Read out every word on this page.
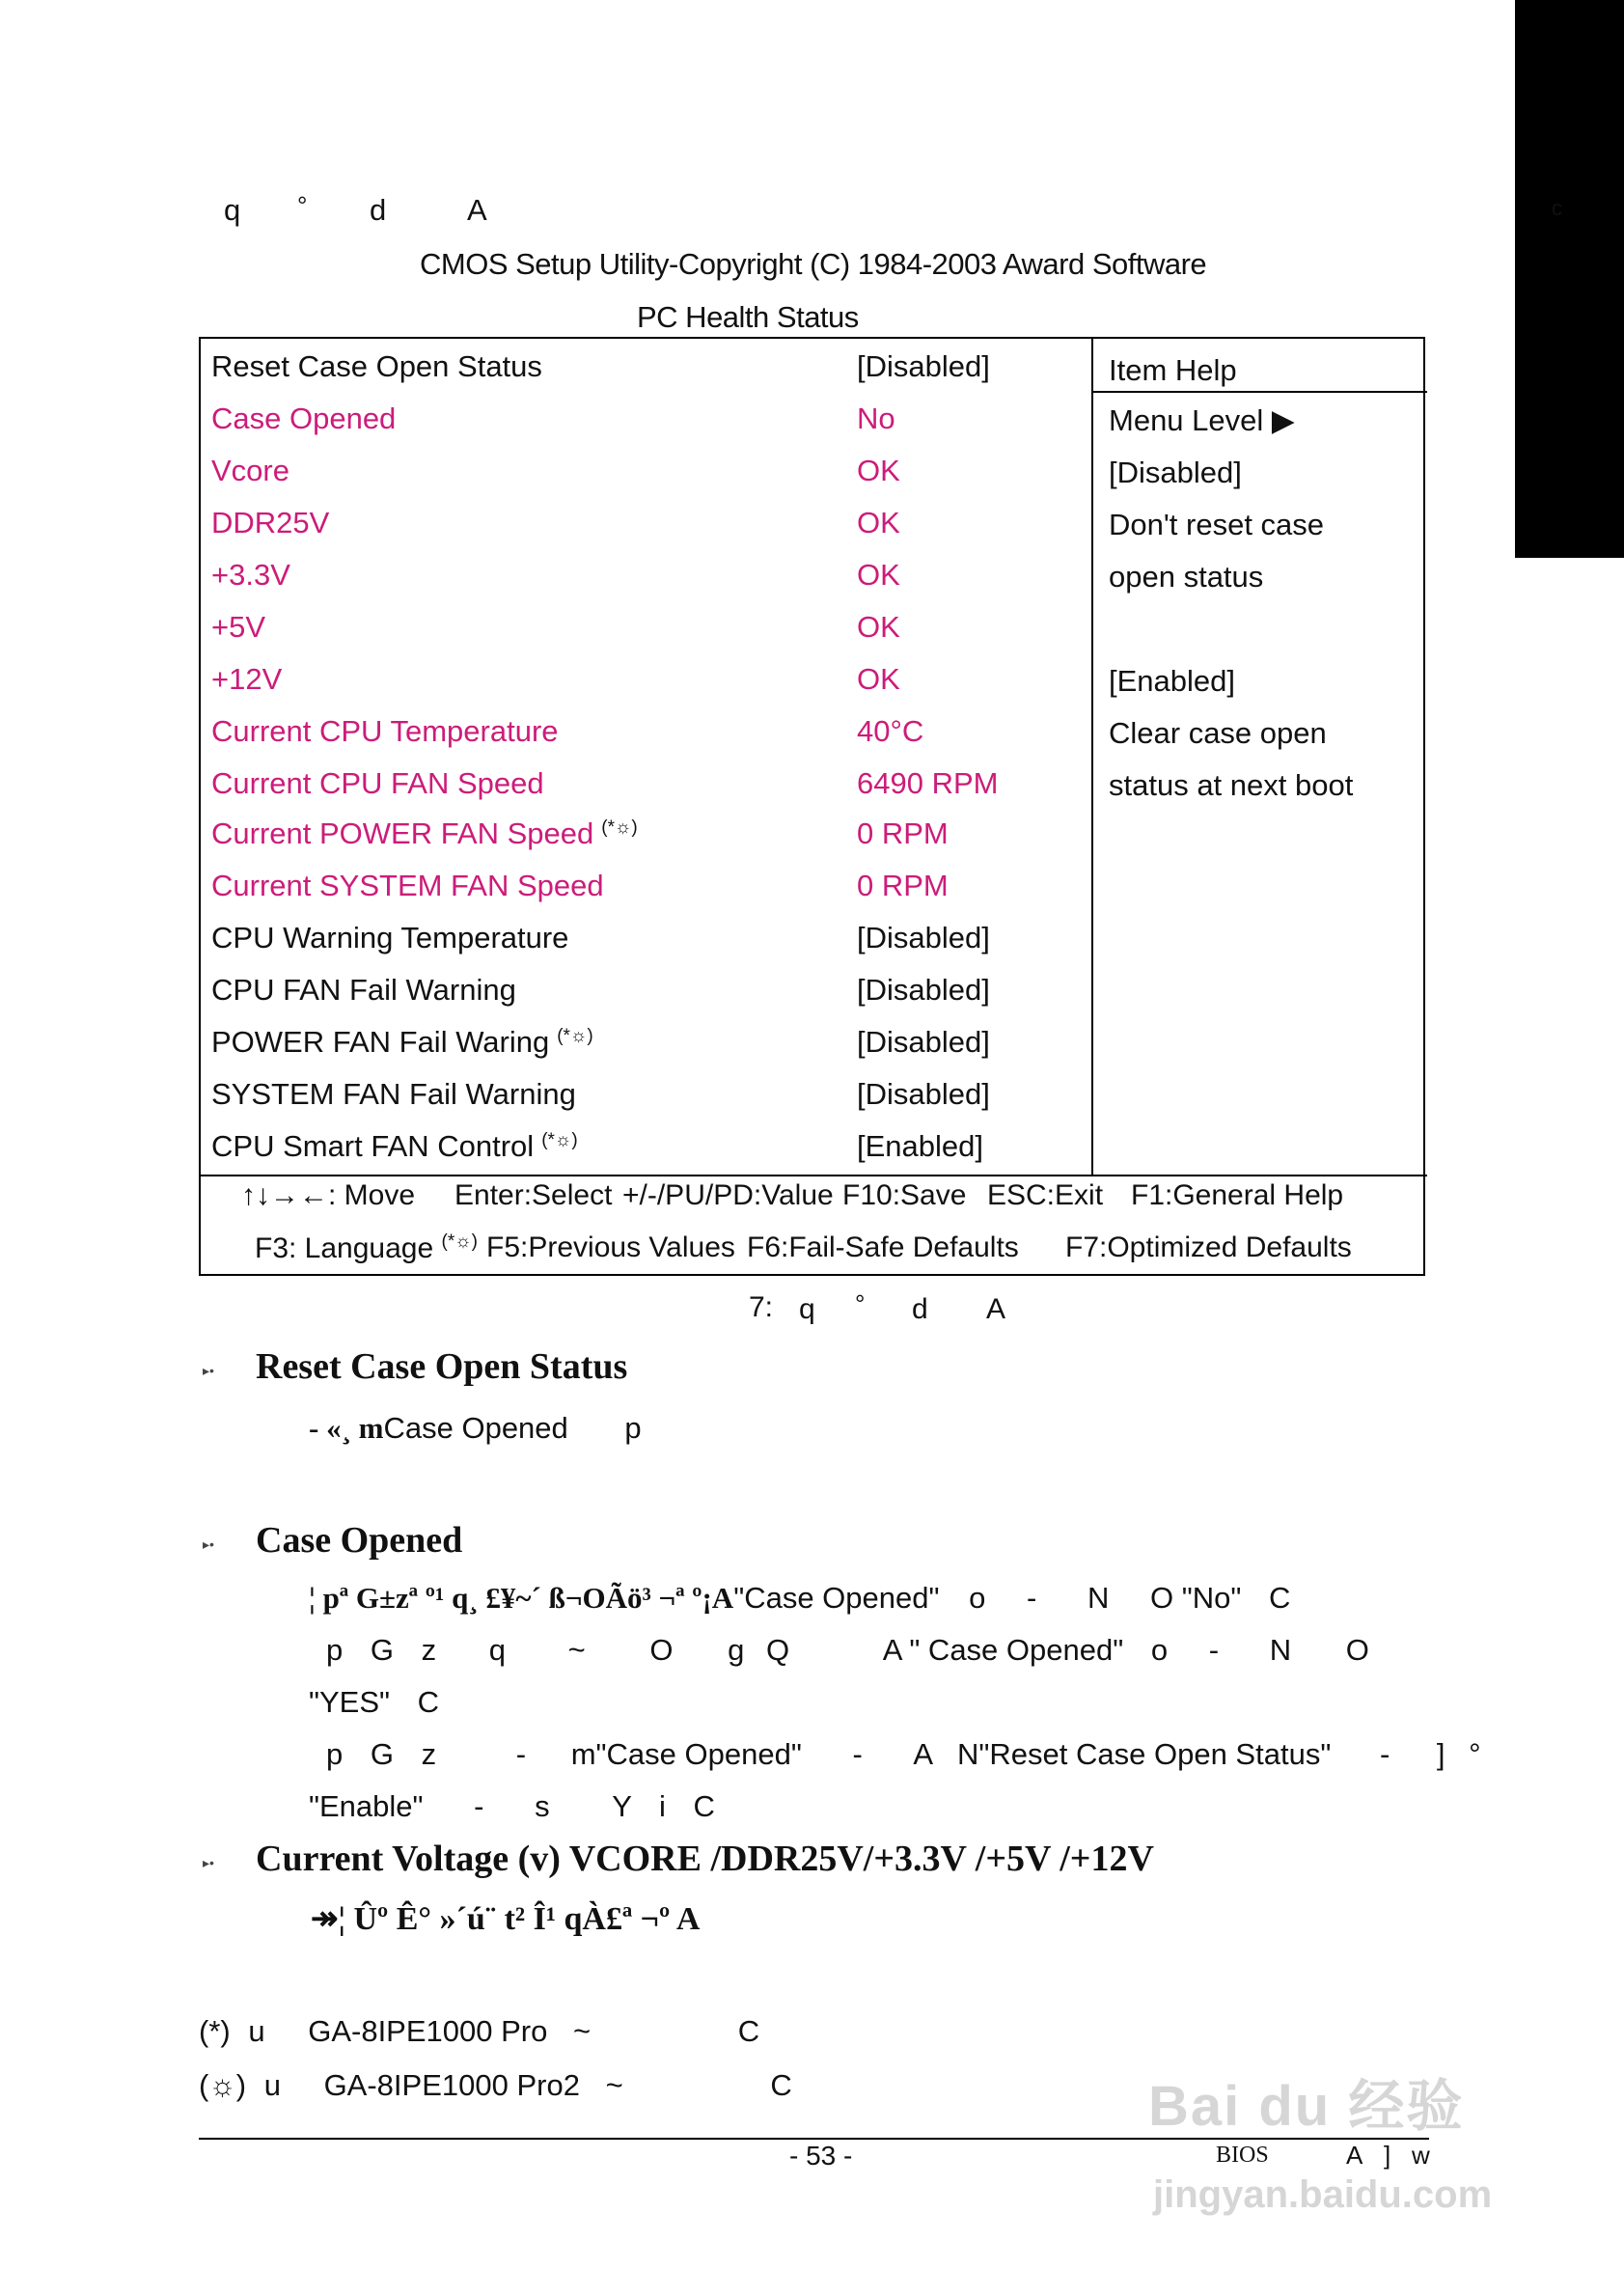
c
q ° d	A
CMOS Setup Utility-Copyright (C) 1984-2003 Award Software
PC Health Status
Reset Case Open Status	[Disabled]
Case Opened	No
Vcore	OK
DDR25V	OK
+3.3V	OK
+5V	OK
+12V	OK
Current CPU Temperature	40°C
Current CPU FAN Speed	6490 RPM
Current POWER FAN Speed (*☼)	0 RPM
Current SYSTEM FAN Speed	0 RPM
CPU Warning Temperature	[Disabled]
CPU FAN Fail Warning	[Disabled]
POWER FAN Fail Waring (*☼)	[Disabled]
SYSTEM FAN Fail Warning	[Disabled]
CPU Smart FAN Control (*☼)	[Enabled]
Item Help
Menu Level ▶
[Disabled]
Don't reset case
open status
[Enabled]
Clear case open
status at next boot
↑↓→←: Move Enter:Select +/-/PU/PD:Value F10:Save ESC:Exit F1:General Help
F3: Language (*☼) F5:Previous Values F6:Fail-Safe Defaults F7:Optimized Defaults
7: q ° d A
▸• Reset Case Open Status
- «¸ mCase Opened p
▸• Case Opened
¦ pª G±zª º¹ q¸ £¥~´ ß¬OÃö³ ¬ª º¡A"Case Opened" o - N O "No" C
p G z q ~ O g Q	A " Case Opened" o - N O
"YES" C
p G z	- m"Case Opened" - A N"Reset Case Open Status" - ] °
"Enable" - s Y i C
▸• Current Voltage (v) VCORE /DDR25V/+3.3V /+5V /+12V
↠¦ Ûº Ê° »´ú¨ t² Î¹ qÀ£ª ¬º A
(*) u GA-8IPE1000 Pro ~	C
(☼) u GA-8IPE1000 Pro2 ~	C
- 53 -	BIOS	A ] w
Bai du 经验
jingyan.baidu.com
